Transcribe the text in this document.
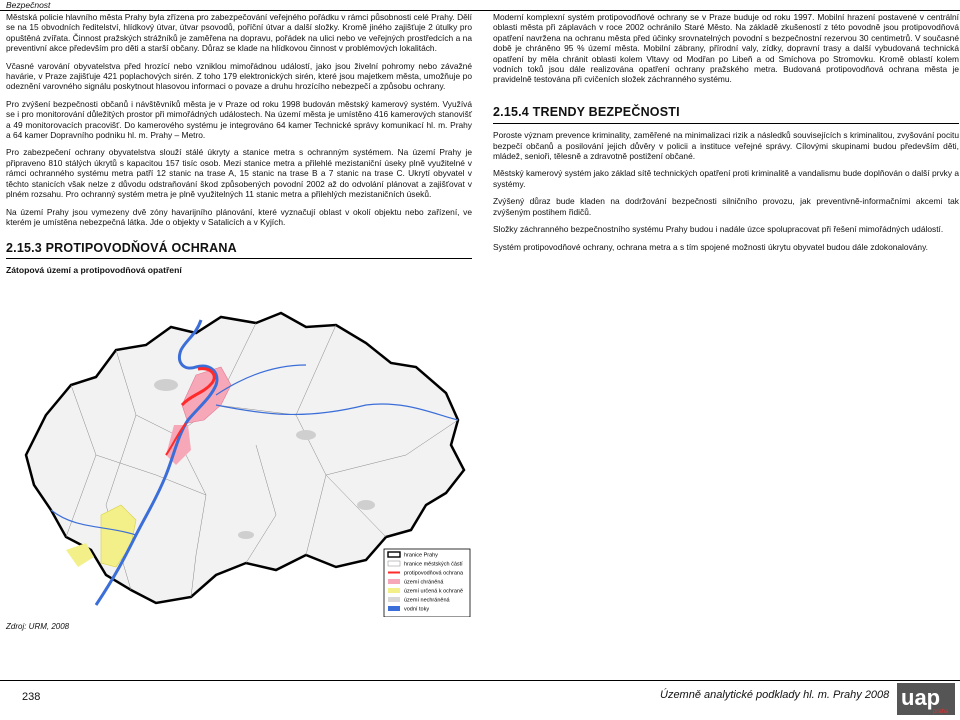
Bezpečnost

Městská policie hlavního města Prahy byla zřízena pro zabezpečování veřejného pořádku v rámci působnosti celé Prahy. Dělí se na 15 obvodních ředitelství, hlídkový útvar, útvar psovodů, poříční útvar a další složky. Kromě jiného zajišťuje 2 útulky pro opuštěná zvířata. Činnost pražských strážníků je zaměřena na dopravu, pořádek na ulici nebo ve veřejných prostředcích a na preventivní akce především pro děti a starší občany. Důraz se klade na hlídkovou činnost v problémových lokalitách.

Včasné varování obyvatelstva před hrozící nebo vzniklou mimořádnou událostí, jako jsou živelní pohromy nebo závažné havárie, v Praze zajišťuje 421 poplachových sirén. Z toho 179 elektronických sirén, které jsou majetkem města, umožňuje po odeznění varovného signálu poskytnout hlasovou informaci o povaze a druhu hrozícího nebezpečí a způsobu ochrany.

Pro zvýšení bezpečnosti občanů i návštěvníků města je v Praze od roku 1998 budován městský kamerový systém. Využívá se i pro monitorování důležitých prostor při mimořádných událostech. Na území města je umístěno 416 kamerových stanovišť a 49 monitorovacích pracovišť. Do kamerového systému je integrováno 64 kamer Technické správy komunikací hl. m. Prahy a 64 kamer Dopravního podniku hl. m. Prahy – Metro.

Pro zabezpečení ochrany obyvatelstva slouží stálé úkryty a stanice metra s ochranným systémem. Na území Prahy je připraveno 810 stálých úkrytů s kapacitou 157 tisíc osob. Mezi stanice metra a přilehlé mezistaniční úseky plně využitelné v rámci ochranného systému metra patří 12 stanic na trase A, 15 stanic na trase B a 7 stanic na trase C. Ukrytí obyvatel v těchto stanicích však nelze z důvodu odstraňování škod způsobených povodní 2002 až do odvolání plánovat a zajišťovat v plném rozsahu. Pro ochranný systém metra je plně využitelných 11 stanic metra a přilehlých mezistaničních úseků.

Na území Prahy jsou vymezeny dvě zóny havarijního plánování, které vyznačují oblast v okolí objektu nebo zařízení, ve kterém je umístěna nebezpečná látka. Jde o objekty v Satalicích a v Kyjích.

2.15.3 PROTIPOVODŇOVÁ OCHRANA
Zátopová území a protipovodňová opatření
hranice Prahy
hranice městských částí
protipovodňová ochrana
území chráněná
území určená k ochraně
území nechráněná
vodní toky
Zdroj: URM, 2008

Moderní komplexní systém protipovodňové ochrany se v Praze buduje od roku 1997. Mobilní hrazení postavené v centrální oblasti města při záplavách v roce 2002 ochránilo Staré Město. Na základě zkušeností z této povodně jsou protipovodňová opatření navržena na ochranu města před účinky srovnatelných povodní s bezpečnostní rezervou 30 centimetrů. V současné době je chráněno 95 % území města. Mobilní zábrany, přírodní valy, zídky, dopravní trasy a další vybudovaná technická opatření by měla chránit oblasti kolem Vltavy od Modřan po Libeň a od Smíchova po Stromovku. Kromě oblastí kolem vodních toků jsou dále realizována opatření ochrany pražského metra. Budovaná protipovodňová ochrana města je pravidelně testována při cvičeních složek záchranného systému.

2.15.4 TRENDY BEZPEČNOSTI

Poroste význam prevence kriminality, zaměřené na minimalizaci rizik a následků souvisejících s kriminalitou, zvyšování pocitu bezpečí občanů a posilování jejich důvěry v policii a instituce veřejné správy. Cílovými skupinami budou především děti, mládež, senioři, tělesně a zdravotně postižení občané.

Městský kamerový systém jako základ sítě technických opatření proti kriminalitě a vandalismu bude doplňován o další prvky a systémy.

Zvýšený důraz bude kladen na dodržování bezpečnosti silničního provozu, jak preventivně-informačními akcemi tak zvýšeným postihem řidičů.

Složky záchranného bezpečnostního systému Prahy budou i nadále úzce spolupracovat při řešení mimořádných událostí.

Systém protipovodňové ochrany, ochrana metra a s tím spojené možnosti úkrytu obyvatel budou dále zdokonalovány.

238	Územně analytické podklady hl. m. Prahy 2008 uap
praha
